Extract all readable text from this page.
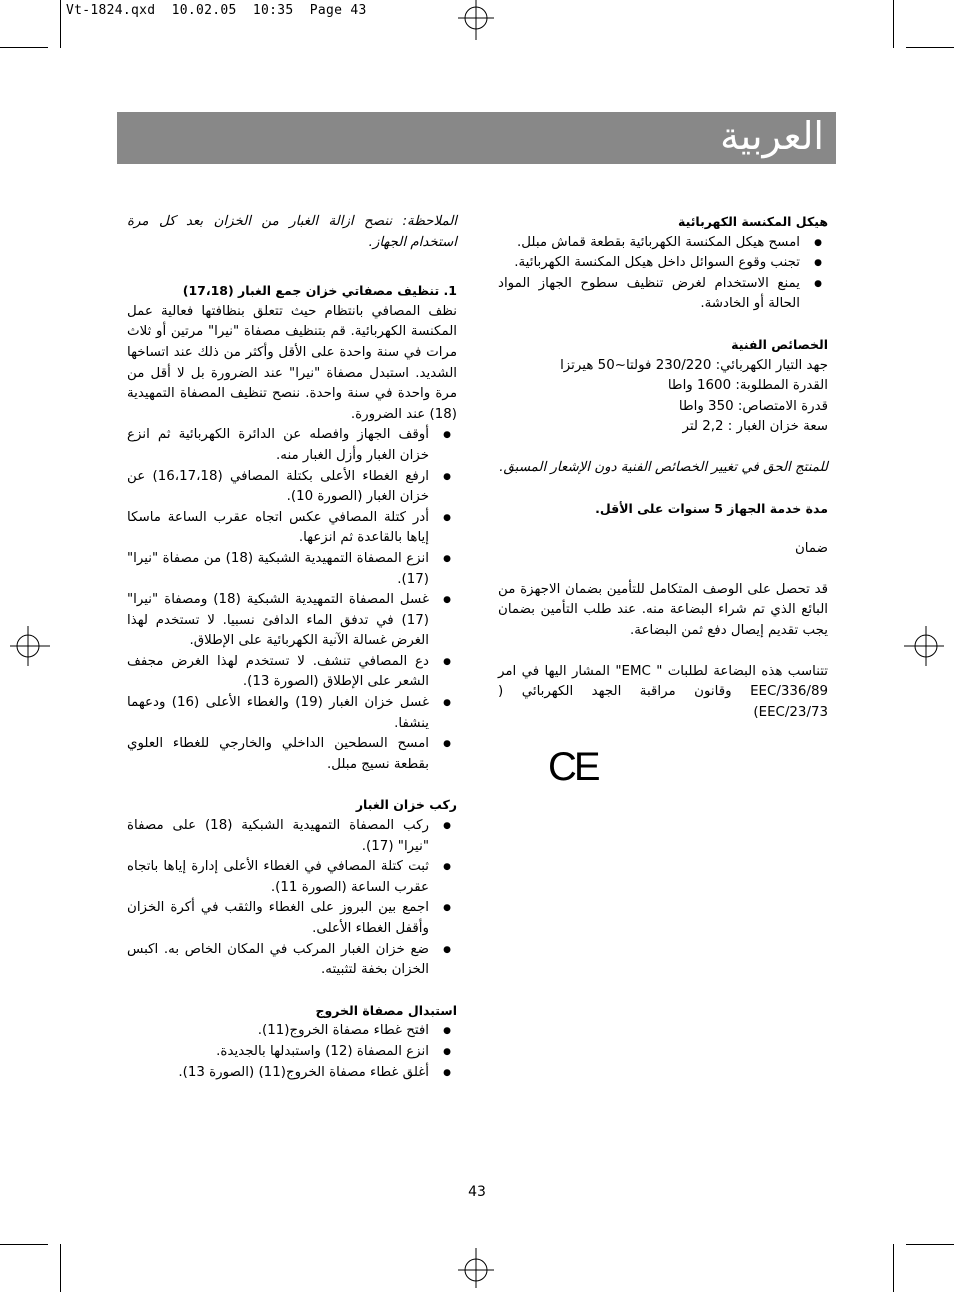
Vt-1824.qxd  10.02.05  10:35  Page 43
العربية

هيكل المكنسة الكهربائية

● امسح هيكل المكنسة الكهربائية بقطعة قماش مبلل.
● تجنب وقوع السوائل داخل هيكل المكنسة الكهربائية.
● يمنع الاستخدام لغرض تنظيف سطوح الجهاز المواد الحالة أو الخادشة.

الخصائص الفنية

جهد التيار الكهربائي: 230/220 فولتا~50 هيرتزا

القدرة المطلوبة: 1600 واطا

قدرة الامتصاص: 350 واطا

سعة خزان الغبار : 2,2 لتر

للمنتج الحق في تغيير الخصائص الفنية دون الإشعار المسبق.

مدة خدمة الجهاز 5 سنوات على الأقل.

ضمان

قد تحصل على الوصف المتكامل للتأمين بضمان الاجهزة من البائع الذي تم شراء البضاعة منه. عند طلب التأمين بضمان يجب تقديم إيصال دفع ثمن البضاعة.

تتناسب هذه البضاعة لطلبات " EMC" المشار اليها في امر EEC/336/89 وقانون مراقبة الجهد الكهربائي ( EEC/23/73)

CE

الملاحظة: ننصح ازالة الغبار من الخزان بعد كل مرة استخدام الجهاز.

1. تنظيف مصفاتي خزان جمع الغبار (17،18)

نظف المصافي بانتظام حيث تتعلق بنظافتها فعالية عمل المكنسة الكهربائية. قم بتنظيف مصفاة "نيرا" مرتين أو ثلاث مرات في سنة واحدة على الأقل وأكثر من ذلك عند اتساخها الشديد. استبدل مصفاة "نيرا" عند الضرورة بل لا أقل من مرة واحدة في سنة واحدة. ننصح تنظيف المصفاة التمهيدية (18) عند الضرورة.

● أوقف الجهاز وافصله عن الدائرة الكهربائية ثم انزع خزان الغبار وأزل الغبار منه.
● ارفع الغطاء الأعلى بكتلة المصافي (16،17،18) عن خزان الغبار (الصورة 10).
● أدر كتلة المصافي عكس اتجاه عقرب الساعة ماسكا إياها بالقاعدة ثم انزعها.
● انزع المصفاة التمهيدية الشبكية (18) من مصفاة "نيرا" (17).
● غسل المصفاة التمهيدية الشبكية (18) ومصفاة "نيرا" (17) في تدفق الماء الدافئ نسبيا. لا تستخدم لهذا الغرض غسالة الآنية الكهربائية على الإطلاق.
● دع المصافي تنشف. لا تستخدم لهذا الغرض مجفف الشعر على الإطلاق (الصورة 13).
● غسل خزان الغبار (19) والغطاء الأعلى (16) ودعهما ينشفا.
● امسح السطحين الداخلي والخارجي للغطاء العلوي بقطعة نسيج مبلل.

ركب خزان الغبار

● ركب المصفاة التمهيدية الشبكية (18) على مصفاة "نيرا" (17).
● ثبت كتلة المصافي في الغطاء الأعلى إدارة إياها باتجاه عقرب الساعة (الصورة 11).
● اجمع بين البروز على الغطاء والثقب في أكرة الخزان وأقفل الغطاء الأعلى.
● ضع خزان الغبار المركب في المكان الخاص به. اكبس الخزان بخفة لتثبيته.

استبدال مصفاة الخروج

● افتح غطاء مصفاة الخروج(11).
● انزع المصفاة (12) واستبدلها بالجديدة.
● أغلق غطاء مصفاة الخروج(11) (الصورة 13).
43
